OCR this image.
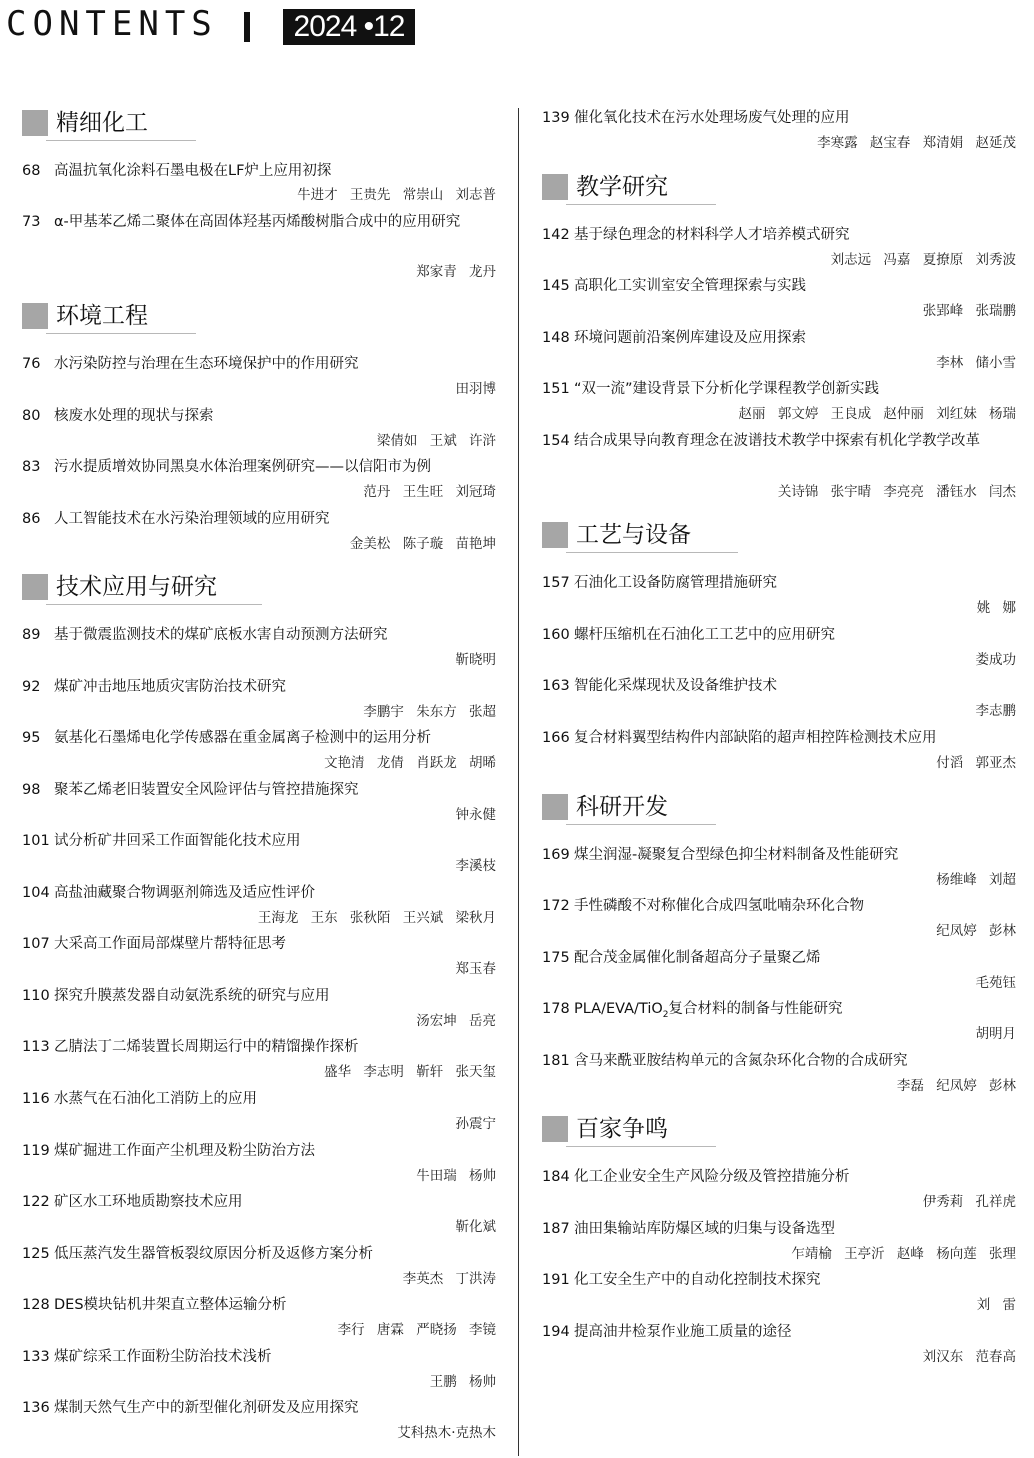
CONTENTS	2024 •12
精细化工
68 高温抗氧化涂料石墨电极在LF炉上应用初探
牛进才 王贵先 常崇山 刘志普
73 α-甲基苯乙烯二聚体在高固体羟基丙烯酸树脂合成中的应用研究
郑家青 龙丹
环境工程
76 水污染防控与治理在生态环境保护中的作用研究
田羽博
80 核废水处理的现状与探索
梁倩如 王斌 许浒
83 污水提质增效协同黑臭水体治理案例研究——以信阳市为例
范丹 王生旺 刘冠琦
86 人工智能技术在水污染治理领域的应用研究
金美松 陈子璇 苗艳坤
技术应用与研究
89 基于微震监测技术的煤矿底板水害自动预测方法研究
靳晓明
92 煤矿冲击地压地质灾害防治技术研究
李鹏宇 朱东方 张超
95 氨基化石墨烯电化学传感器在重金属离子检测中的运用分析
文艳清 龙倩 肖跃龙 胡晞
98 聚苯乙烯老旧装置安全风险评估与管控措施探究
钟永健
101 试分析矿井回采工作面智能化技术应用
李溪枝
104 高盐油藏聚合物调驱剂筛选及适应性评价
王海龙 王东 张秋陌 王兴斌 梁秋月
107 大采高工作面局部煤壁片帮特征思考
郑玉春
110 探究升膜蒸发器自动氨洗系统的研究与应用
汤宏坤 岳亮
113 乙腈法丁二烯装置长周期运行中的精馏操作探析
盛华 李志明 靳轩 张天玺
116 水蒸气在石油化工消防上的应用
孙震宁
119 煤矿掘进工作面产尘机理及粉尘防治方法
牛田瑞 杨帅
122 矿区水工环地质勘察技术应用
靳化斌
125 低压蒸汽发生器管板裂纹原因分析及返修方案分析
李英杰 丁洪涛
128 DES模块钻机井架直立整体运输分析
李行 唐霖 严晓扬 李镜
133 煤矿综采工作面粉尘防治技术浅析
王鹏 杨帅
136 煤制天然气生产中的新型催化剂研发及应用探究
艾科热木·克热木
139 催化氧化技术在污水处理场废气处理的应用
李寒露 赵宝春 郑清娟 赵延茂
教学研究
142 基于绿色理念的材料科学人才培养模式研究
刘志远 冯嘉 夏撩原 刘秀波
145 高职化工实训室安全管理探索与实践
张郢峰 张瑞鹏
148 环境问题前沿案例库建设及应用探索
李林 储小雪
151 “双一流”建设背景下分析化学课程教学创新实践
赵丽 郭文婷 王良成 赵仲丽 刘红妹 杨瑞
154 结合成果导向教育理念在波谱技术教学中探索有机化学教学改革
关诗锦 张宇晴 李亮亮 潘钰水 闫杰
工艺与设备
157 石油化工设备防腐管理措施研究
姚 娜
160 螺杆压缩机在石油化工工艺中的应用研究
娄成功
163 智能化采煤现状及设备维护技术
李志鹏
166 复合材料翼型结构件内部缺陷的超声相控阵检测技术应用
付滔 郭亚杰
科研开发
169 煤尘润湿-凝聚复合型绿色抑尘材料制备及性能研究
杨维峰 刘超
172 手性磷酸不对称催化合成四氢吡喃杂环化合物
纪凤婷 彭林
175 配合茂金属催化制备超高分子量聚乙烯
毛苑钰
178 PLA/EVA/TiO$_2$复合材料的制备与性能研究
胡明月
181 含马来酰亚胺结构单元的含氮杂环化合物的合成研究
李磊 纪凤婷 彭林
百家争鸣
184 化工企业安全生产风险分级及管控措施分析
伊秀莉 孔祥虎
187 油田集输站库防爆区域的归集与设备选型
乍靖榆 王亭沂 赵峰 杨向莲 张理
191 化工安全生产中的自动化控制技术探究
刘 雷
194 提高油井检泵作业施工质量的途径
刘汉东 范春高
